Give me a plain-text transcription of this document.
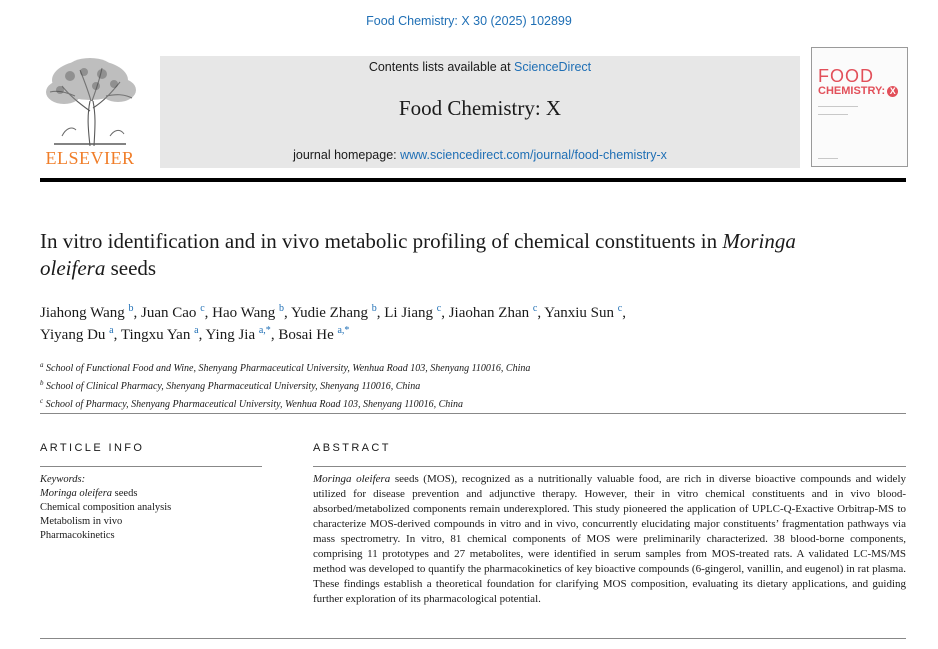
Food Chemistry: X 30 (2025) 102899
ELSEVIER
Contents lists available at ScienceDirect
Food Chemistry: X
journal homepage: www.sciencedirect.com/journal/food-chemistry-x
FOOD
CHEMISTRY: X
In vitro identification and in vivo metabolic profiling of chemical constituents in Moringa oleifera seeds
Jiahong Wang $^b$, Juan Cao $^c$, Hao Wang $^b$, Yudie Zhang $^b$, Li Jiang $^c$, Jiaohan Zhan $^c$, Yanxiu Sun $^c$,
Yiyang Du $^a$, Tingxu Yan $^a$, Ying Jia $^{a,*}$, Bosai He $^{a,*}$
$^a$ School of Functional Food and Wine, Shenyang Pharmaceutical University, Wenhua Road 103, Shenyang 110016, China
$^b$ School of Clinical Pharmacy, Shenyang Pharmaceutical University, Shenyang 110016, China
$^c$ School of Pharmacy, Shenyang Pharmaceutical University, Wenhua Road 103, Shenyang 110016, China
ARTICLE INFO
Keywords:
Moringa oleifera seeds
Chemical composition analysis
Metabolism in vivo
Pharmacokinetics
ABSTRACT
Moringa oleifera seeds (MOS), recognized as a nutritionally valuable food, are rich in diverse bioactive compounds and widely utilized for disease prevention and adjunctive therapy. However, their in vitro chemical constituents and in vivo blood-absorbed/metabolized components remain underexplored. This study pioneered the application of UPLC-Q-Exactive Orbitrap-MS to characterize MOS-derived compounds in vitro and in vivo, concurrently elucidating major constituents’ fragmentation pathways via mass spectrometry. In vitro, 81 chemical components of MOS were preliminarily characterized. 38 blood-borne components, comprising 11 prototypes and 27 metabolites, were identified in serum samples from MOS-treated rats. A validated LC-MS/MS method was developed to quantify the pharmacokinetics of key bioactive compounds (6-gingerol, vanillin, and eugenol) in rat plasma. These findings establish a theoretical foundation for clarifying MOS composition, evaluating its dietary applications, and guiding further exploration of its pharmacological potential.
